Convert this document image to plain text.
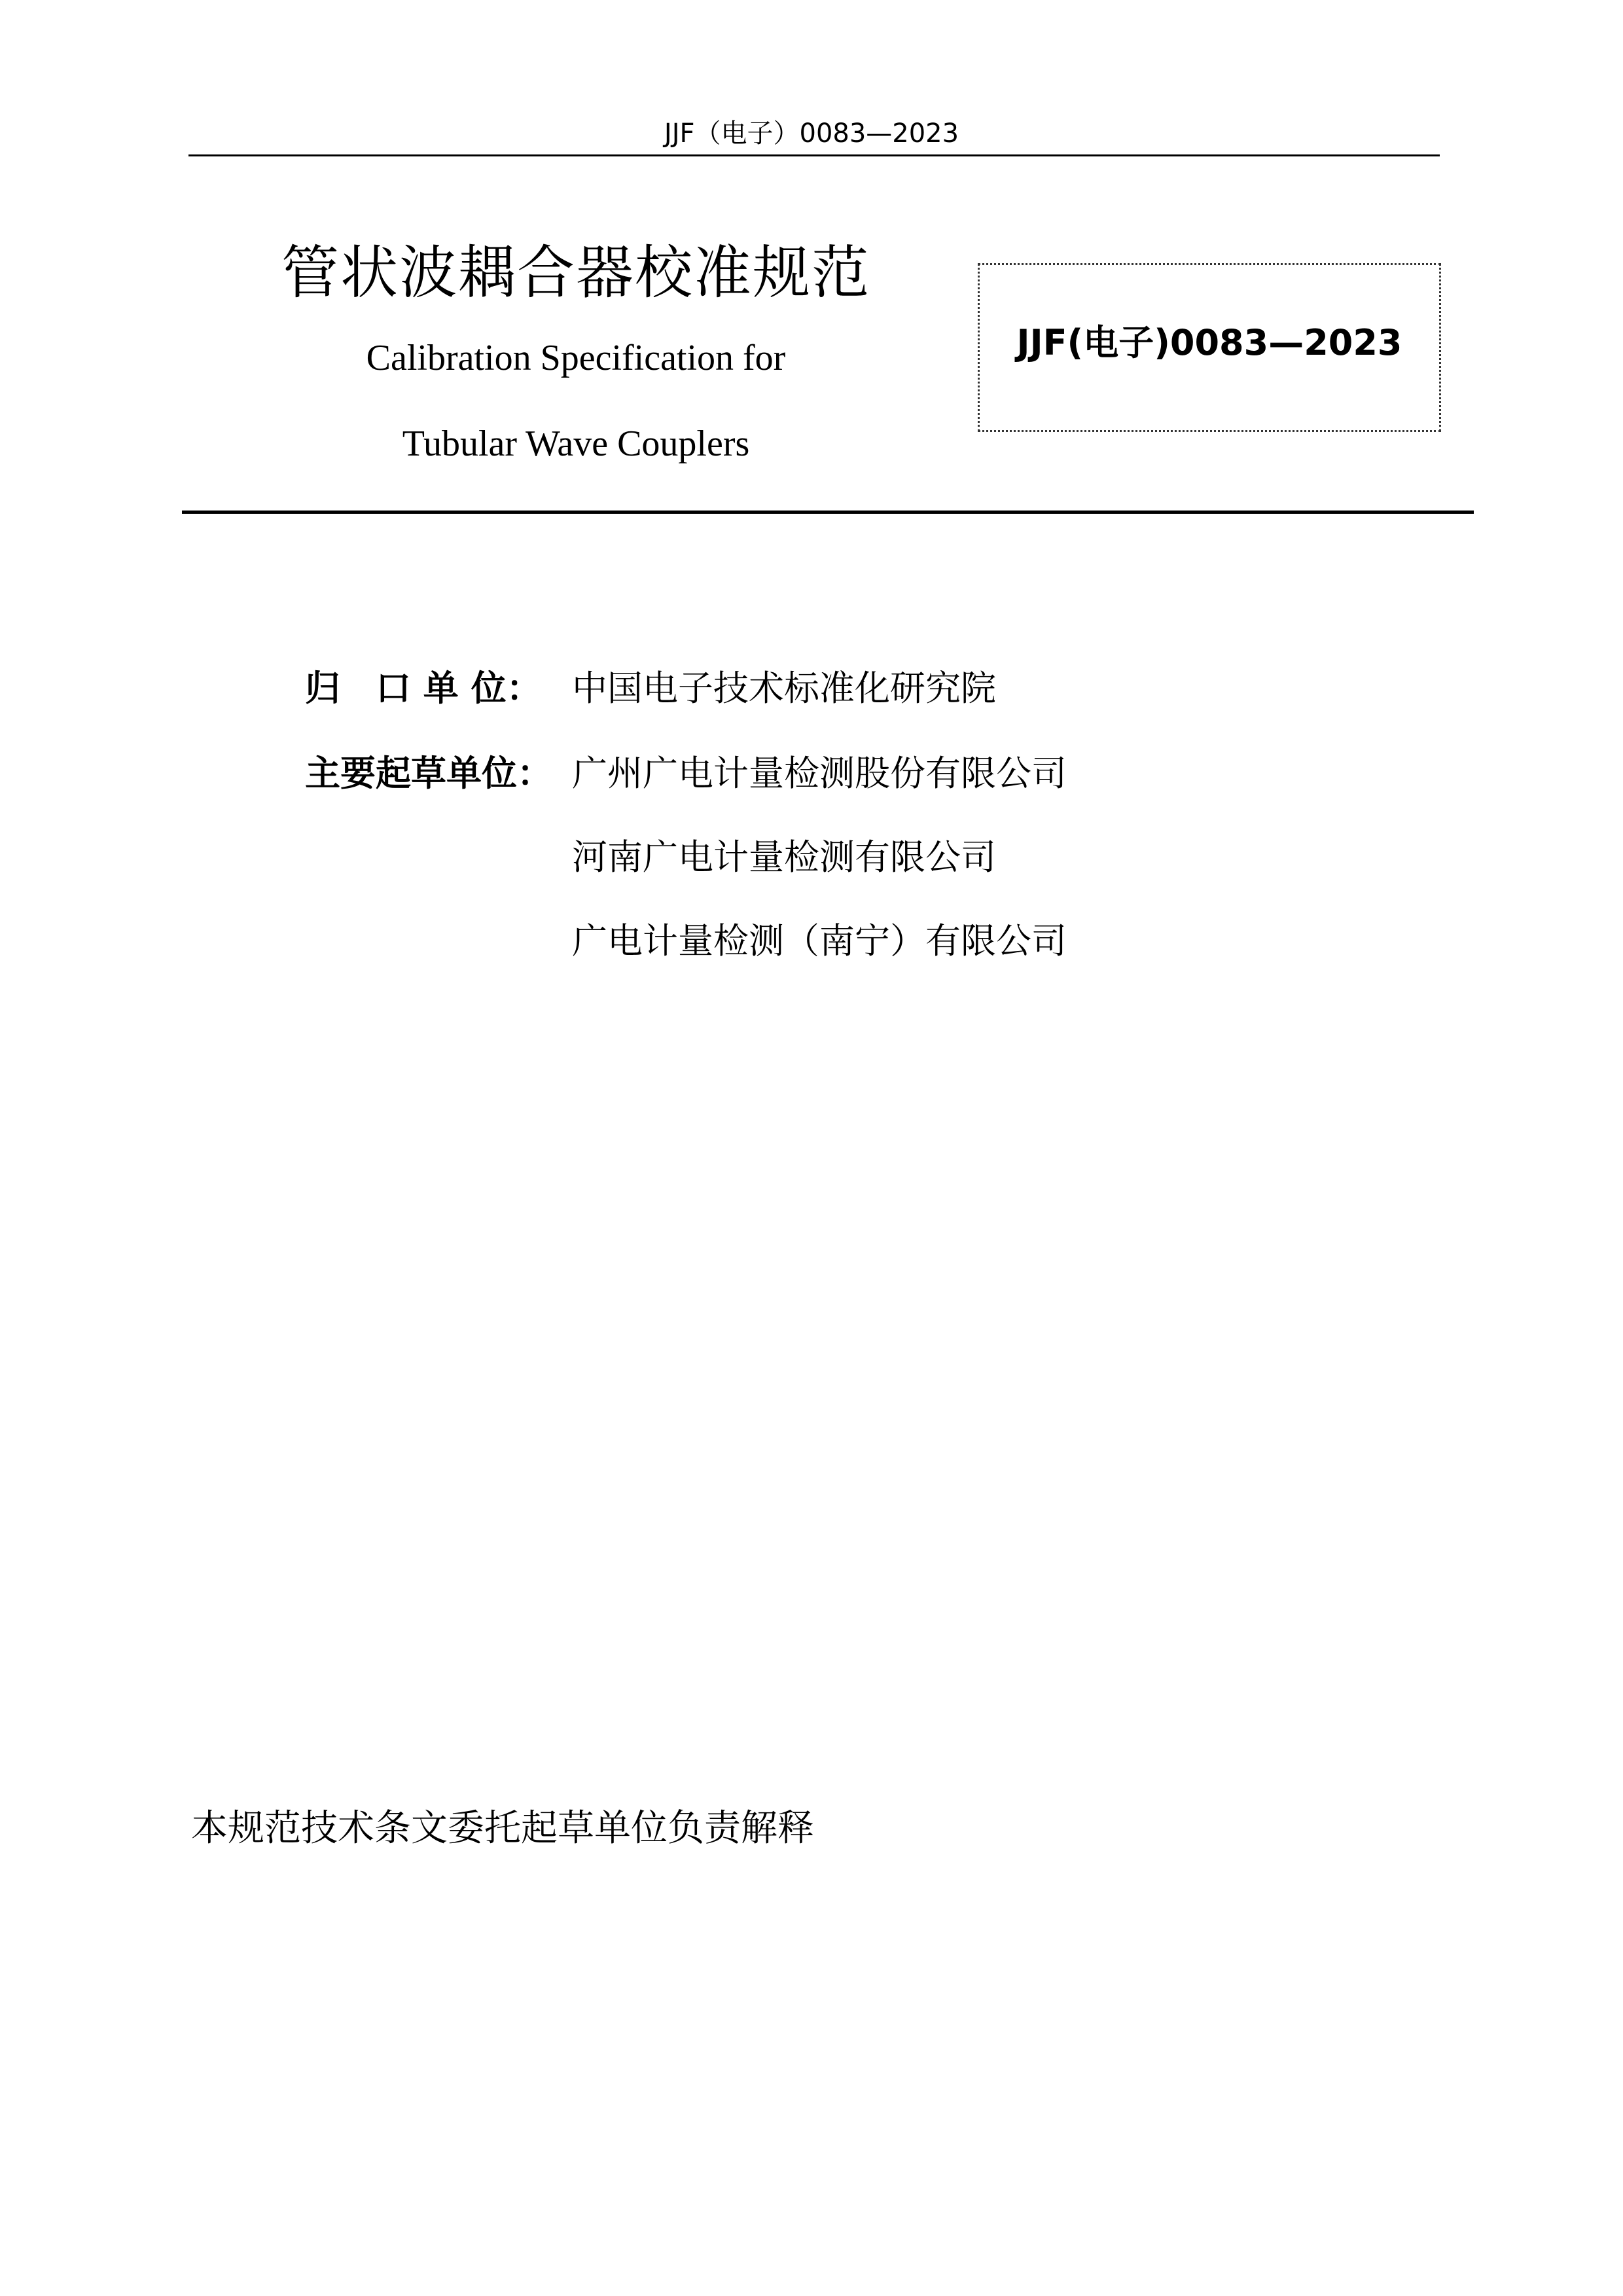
JJF（电子）0083—2023
管状波耦合器校准规范
Calibration Specification for
Tubular Wave Couplers
JJF(电子)0083—2023
归　口 单 位： 中国电子技术标准化研究院
主要起草单位： 广州广电计量检测股份有限公司
河南广电计量检测有限公司
广电计量检测（南宁）有限公司
本规范技术条文委托起草单位负责解释
